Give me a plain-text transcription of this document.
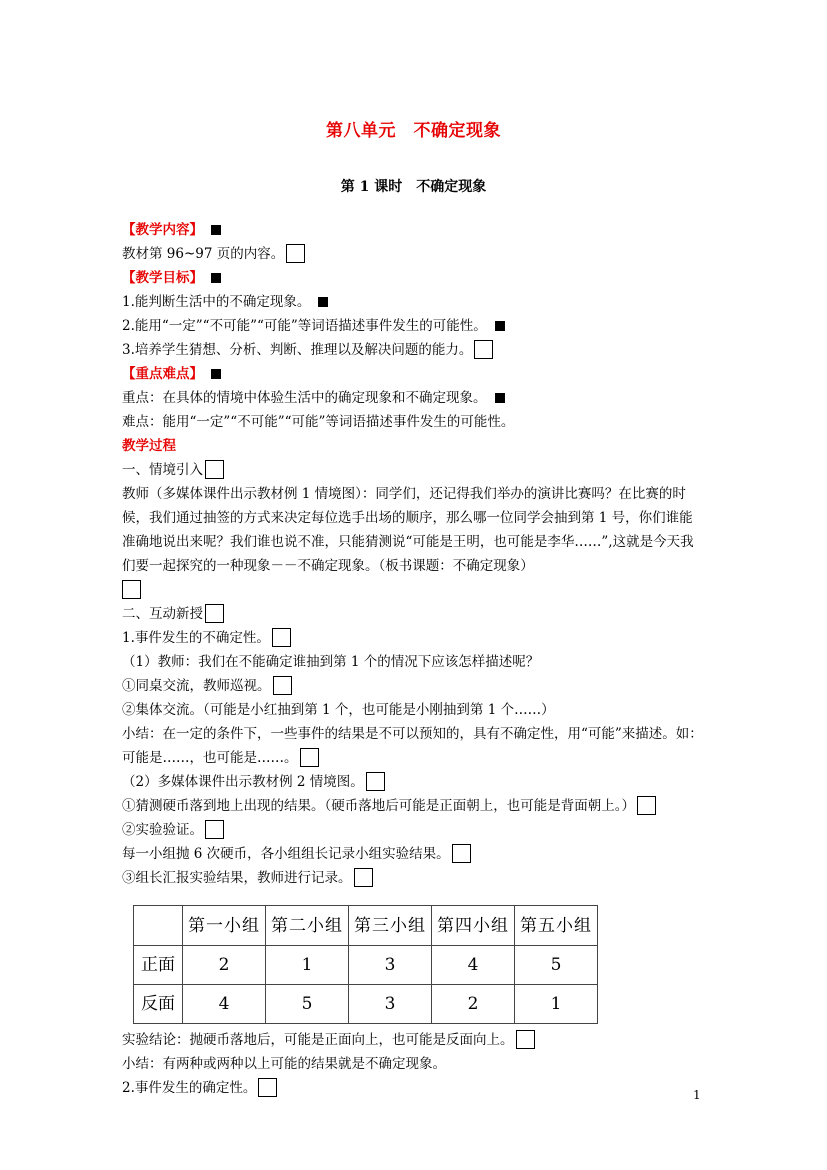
第八单元　不确定现象
第 1 课时　不确定现象
【教学内容】
教材第 96~97 页的内容。
【教学目标】
1.能判断生活中的不确定现象。
2.能用“一定”“不可能”“可能”等词语描述事件发生的可能性。
3.培养学生猜想、分析、判断、推理以及解决问题的能力。
【重点难点】
重点：在具体的情境中体验生活中的确定现象和不确定现象。
难点：能用“一定”“不可能”“可能”等词语描述事件发生的可能性。
教学过程
一、情境引入
教师（多媒体课件出示教材例 1 情境图）：同学们，还记得我们举办的演讲比赛吗？在比赛的时候，我们通过抽签的方式来决定每位选手出场的顺序，那么哪一位同学会抽到第 1 号，你们谁能准确地说出来呢？我们谁也说不准，只能猜测说“可能是王明，也可能是李华……”,这就是今天我们要一起探究的一种现象－－不确定现象。（板书课题：不确定现象）

二、互动新授
1.事件发生的不确定性。
（1）教师：我们在不能确定谁抽到第 1 个的情况下应该怎样描述呢？
①同桌交流，教师巡视。
②集体交流。（可能是小红抽到第 1 个，也可能是小刚抽到第 1 个……）
小结：在一定的条件下，一些事件的结果是不可以预知的，具有不确定性，用“可能”来描述。如：可能是……，也可能是……。
（2）多媒体课件出示教材例 2 情境图。
①猜测硬币落到地上出现的结果。（硬币落地后可能是正面朝上，也可能是背面朝上。）
②实验验证。
每一小组抛 6 次硬币，各小组组长记录小组实验结果。
③组长汇报实验结果，教师进行记录。
	第一小组	第二小组	第三小组	第四小组	第五小组
正面	2	1	3	4	5
反面	4	5	3	2	1
实验结论：抛硬币落地后，可能是正面向上，也可能是反面向上。
小结：有两种或两种以上可能的结果就是不确定现象。
2.事件发生的确定性。	1
